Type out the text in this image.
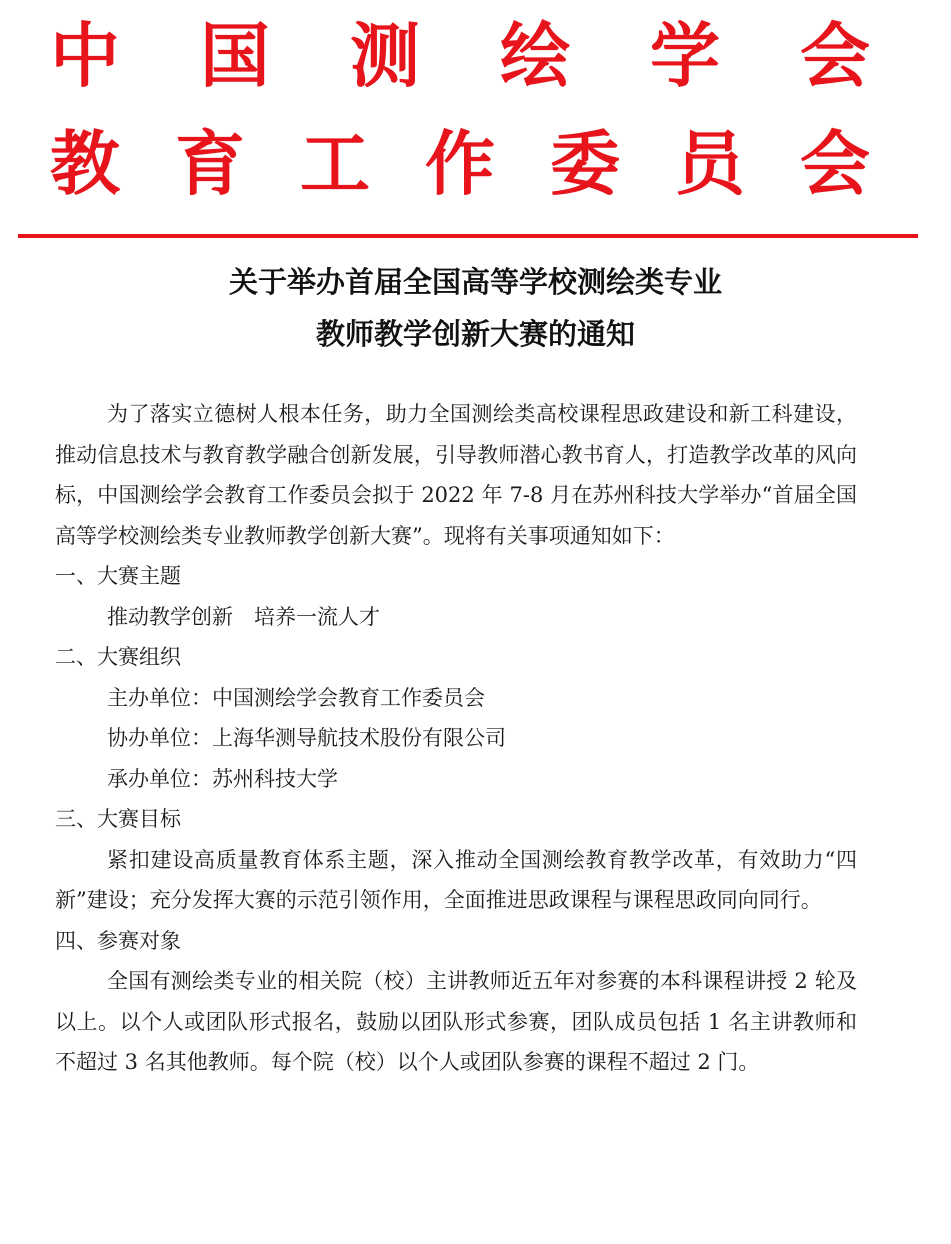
中 国 测 绘 学 会
教 育 工 作 委 员 会
关于举办首届全国高等学校测绘类专业
教师教学创新大赛的通知

为了落实立德树人根本任务，助力全国测绘类高校课程思政建设和新工科建设，推动信息技术与教育教学融合创新发展，引导教师潜心教书育人，打造教学改革的风向标，中国测绘学会教育工作委员会拟于 2022 年 7-8 月在苏州科技大学举办“首届全国高等学校测绘类专业教师教学创新大赛”。现将有关事项通知如下：

一、大赛主题

推动教学创新　培养一流人才

二、大赛组织

主办单位：中国测绘学会教育工作委员会

协办单位：上海华测导航技术股份有限公司

承办单位：苏州科技大学

三、大赛目标

紧扣建设高质量教育体系主题，深入推动全国测绘教育教学改革，有效助力“四新”建设；充分发挥大赛的示范引领作用，全面推进思政课程与课程思政同向同行。

四、参赛对象

全国有测绘类专业的相关院（校）主讲教师近五年对参赛的本科课程讲授 2 轮及以上。以个人或团队形式报名，鼓励以团队形式参赛，团队成员包括 1 名主讲教师和不超过 3 名其他教师。每个院（校）以个人或团队参赛的课程不超过 2 门。
